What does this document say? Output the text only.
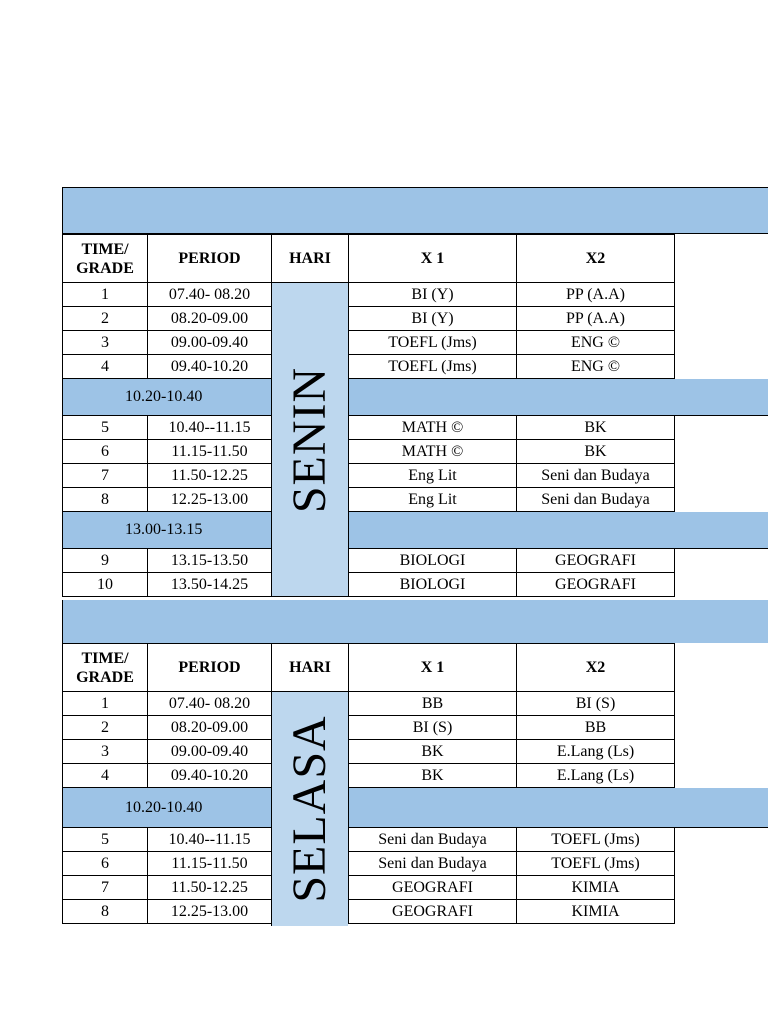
TIME/
GRADE
PERIOD	HARI	X 1	X2
1	07.40- 08.20	BI (Y)	PP (A.A)
2	08.20-09.00	BI (Y)	PP (A.A)
3	09.00-09.40	TOEFL (Jms)	ENG ©
4	09.40-10.20	TOEFL (Jms)	ENG ©
10.20-10.40
5	10.40--11.15	MATH ©	BK
6	11.15-11.50	MATH ©	BK
7	11.50-12.25	Eng Lit	Seni dan Budaya
8	12.25-13.00	Eng Lit	Seni dan Budaya
13.00-13.15
9	13.15-13.50	BIOLOGI	GEOGRAFI
10	13.50-14.25	BIOLOGI	GEOGRAFI
SENIN
TIME/
GRADE
PERIOD	HARI	X 1	X2
1	07.40- 08.20	BB	BI (S)
2	08.20-09.00	BI (S)	BB
3	09.00-09.40	BK	E.Lang (Ls)
4	09.40-10.20	BK	E.Lang (Ls)
10.20-10.40
5	10.40--11.15	Seni dan Budaya	TOEFL (Jms)
6	11.15-11.50	Seni dan Budaya	TOEFL (Jms)
7	11.50-12.25	GEOGRAFI	KIMIA
8	12.25-13.00	GEOGRAFI	KIMIA
SELASA
